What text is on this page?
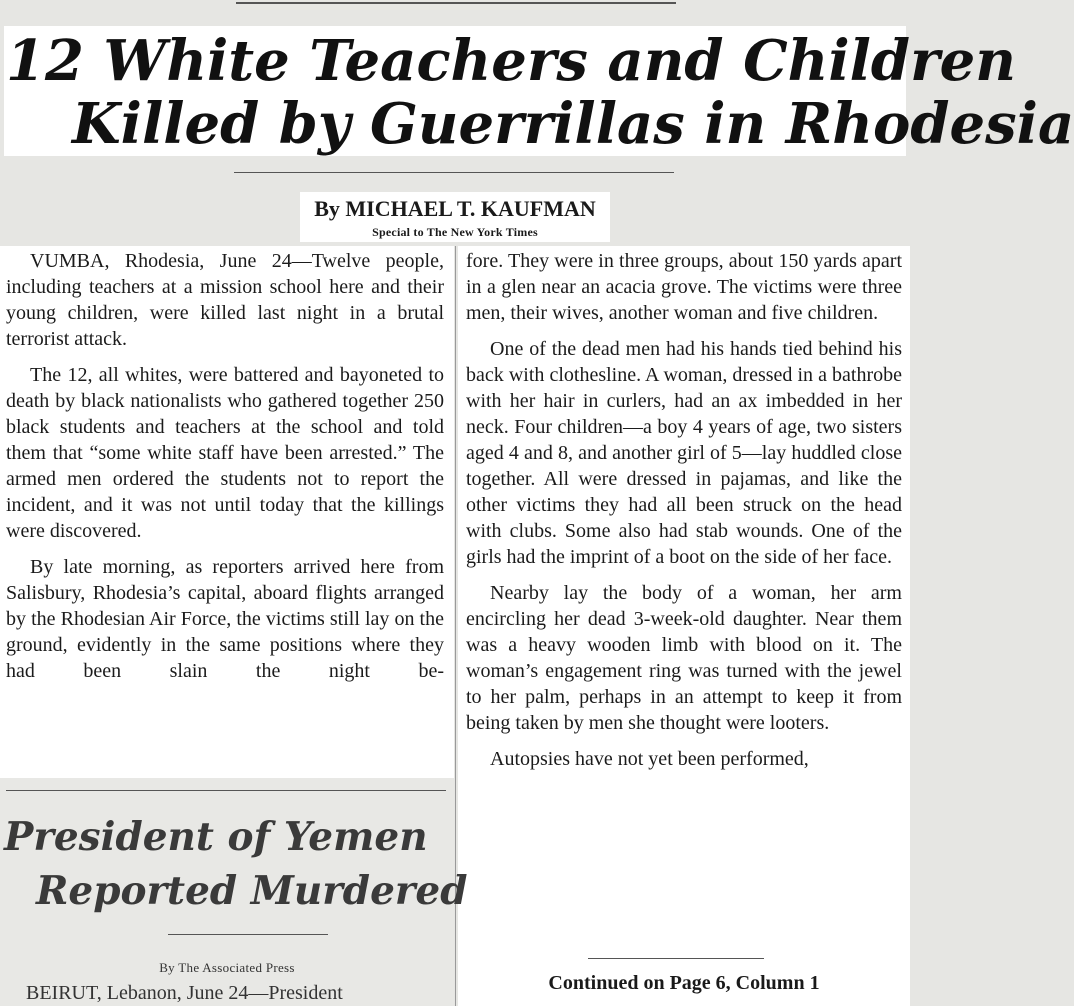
12 White Teachers and Children
Killed by Guerrillas in Rhodesia
By MICHAEL T. KAUFMAN
Special to The New York Times

VUMBA, Rhodesia, June 24—Twelve people, including teachers at a mission school here and their young children, were killed last night in a brutal terrorist attack.

The 12, all whites, were battered and bayoneted to death by black nationalists who gathered together 250 black students and teachers at the school and told them that “some white staff have been arrested.” The armed men ordered the students not to report the incident, and it was not until today that the killings were discovered.

By late morning, as reporters arrived here from Salisbury, Rhodesia’s capital, aboard flights arranged by the Rhodesian Air Force, the victims still lay on the ground, evidently in the same positions where they had been slain the night be-

fore. They were in three groups, about 150 yards apart in a glen near an acacia grove. The victims were three men, their wives, another woman and five children.

One of the dead men had his hands tied behind his back with clothesline. A woman, dressed in a bathrobe with her hair in curlers, had an ax imbedded in her neck. Four children—a boy 4 years of age, two sisters aged 4 and 8, and another girl of 5—lay huddled close together. All were dressed in pajamas, and like the other victims they had all been struck on the head with clubs. Some also had stab wounds. One of the girls had the imprint of a boot on the side of her face.

Nearby lay the body of a woman, her arm encircling her dead 3-week-old daughter. Near them was a heavy wooden limb with blood on it. The woman’s engagement ring was turned with the jewel to her palm, perhaps in an attempt to keep it from being taken by men she thought were looters.

Autopsies have not yet been performed,

Continued on Page 6, Column 1
President of Yemen
Reported Murdered
By The Associated Press
BEIRUT, Lebanon, June 24—President
